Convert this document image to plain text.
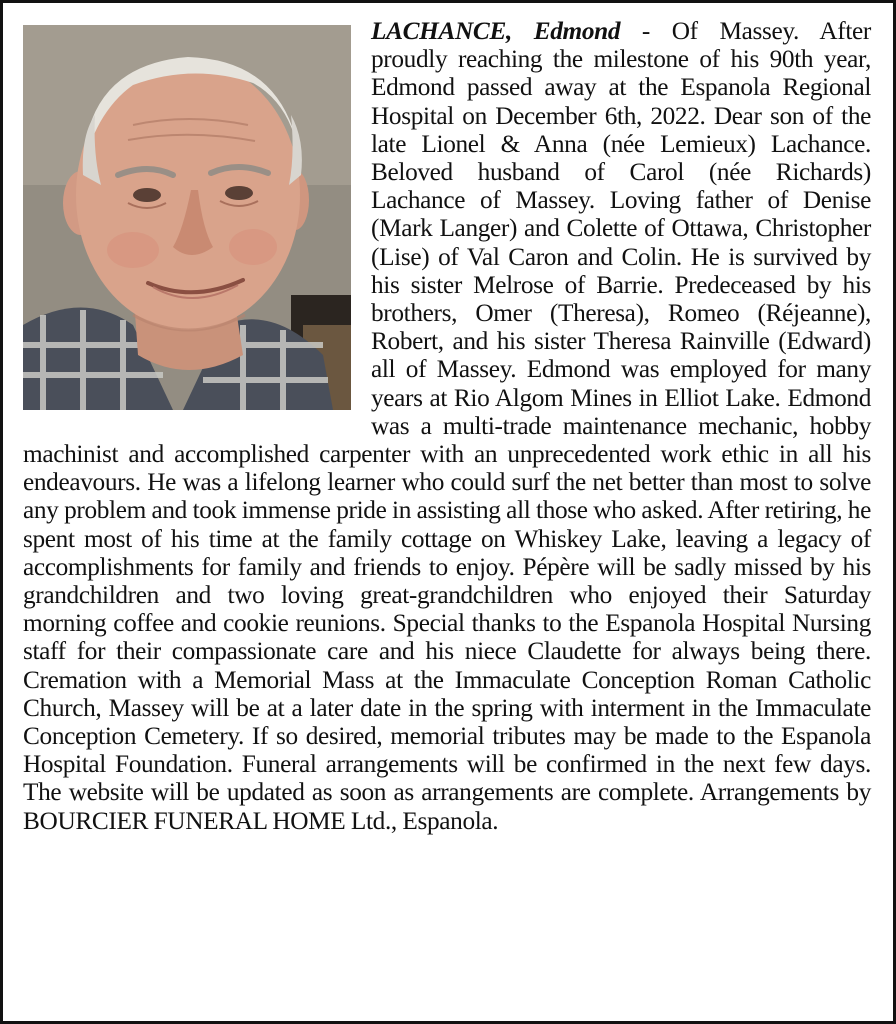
LACHANCE, Edmond - Of Massey. After proudly reaching the milestone of his 90th year, Edmond passed away at the Espanola Regional Hospital on December 6th, 2022. Dear son of the late Lionel & Anna (née Lemieux) Lachance. Beloved husband of Carol (née Richards) Lachance of Massey. Loving father of Denise (Mark Langer) and Colette of Ottawa, Christopher (Lise) of Val Caron and Colin. He is survived by his sister Melrose of Barrie. Predeceased by his brothers, Omer (Theresa), Romeo (Réjeanne), Robert, and his sister Theresa Rainville (Edward) all of Massey. Edmond was employed for many years at Rio Algom Mines in Elliot Lake. Edmond was a multi-trade maintenance mechanic, hobby machinist and accomplished carpenter with an unprecedented work ethic in all his endeavours. He was a lifelong learner who could surf the net better than most to solve any problem and took immense pride in assisting all those who asked. After retiring, he spent most of his time at the family cottage on Whiskey Lake, leaving a legacy of accomplishments for family and friends to enjoy. Pépère will be sadly missed by his grandchildren and two loving great-grandchildren who enjoyed their Saturday morning coffee and cookie reunions. Special thanks to the Espanola Hospital Nursing staff for their compassionate care and his niece Claudette for always being there. Cremation with a Memorial Mass at the Immaculate Conception Roman Catholic Church, Massey will be at a later date in the spring with interment in the Immaculate Conception Cemetery. If so desired, memorial tributes may be made to the Espanola Hospital Foundation. Funeral arrangements will be confirmed in the next few days. The website will be updated as soon as arrangements are complete. Arrangements by BOURCIER FUNERAL HOME Ltd., Espanola.
